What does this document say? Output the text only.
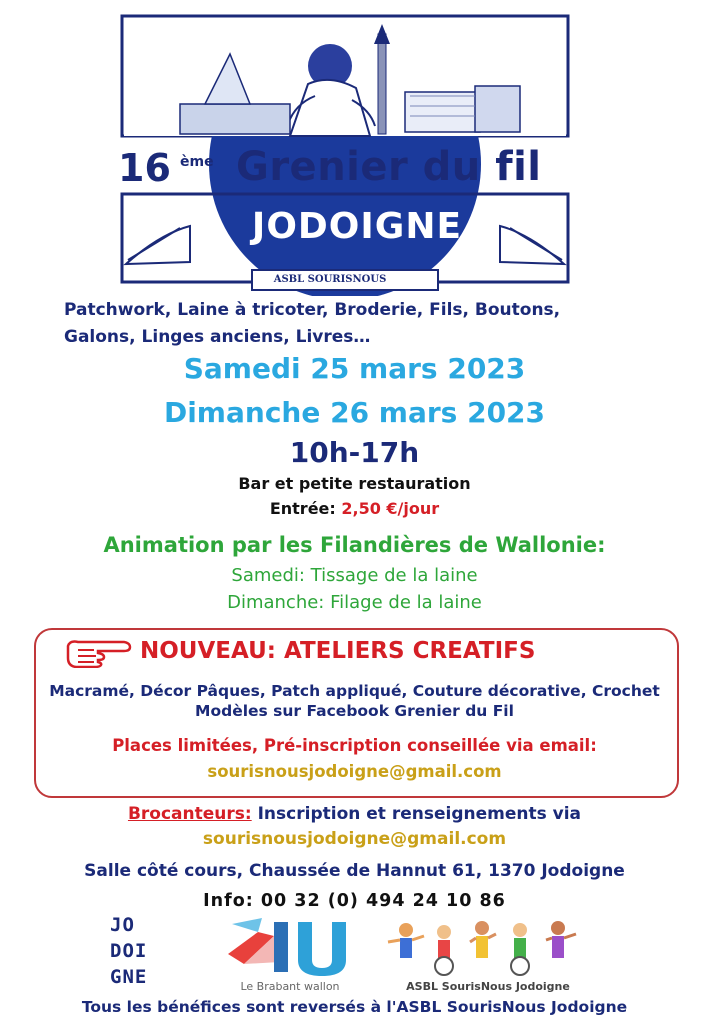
16 ème Grenier du fil
JODOIGNE
ASBL SOURISNOUS
Patchwork, Laine à tricoter, Broderie, Fils, Boutons,
Galons, Linges anciens, Livres…
Samedi 25 mars 2023
Dimanche 26 mars 2023
10h-17h
Bar et petite restauration
Entrée: 2,50 €/jour
Animation par les Filandières de Wallonie:
Samedi: Tissage de la laine
Dimanche: Filage de la laine
NOUVEAU: ATELIERS CREATIFS
Macramé, Décor Pâques, Patch appliqué, Couture décorative, Crochet
Modèles sur Facebook Grenier du Fil
Places limitées, Pré-inscription conseillée via email:
sourisnousjodoigne@gmail.com
Brocanteurs: Inscription et renseignements via
sourisnousjodoigne@gmail.com
Salle côté cours, Chaussée de Hannut 61, 1370 Jodoigne
Info: 00 32 (0) 494 24 10 86
JO
DOI
GNE	Le Brabant wallon	ASBL SourisNous Jodoigne
Tous les bénéfices sont reversés à l'ASBL SourisNous Jodoigne
